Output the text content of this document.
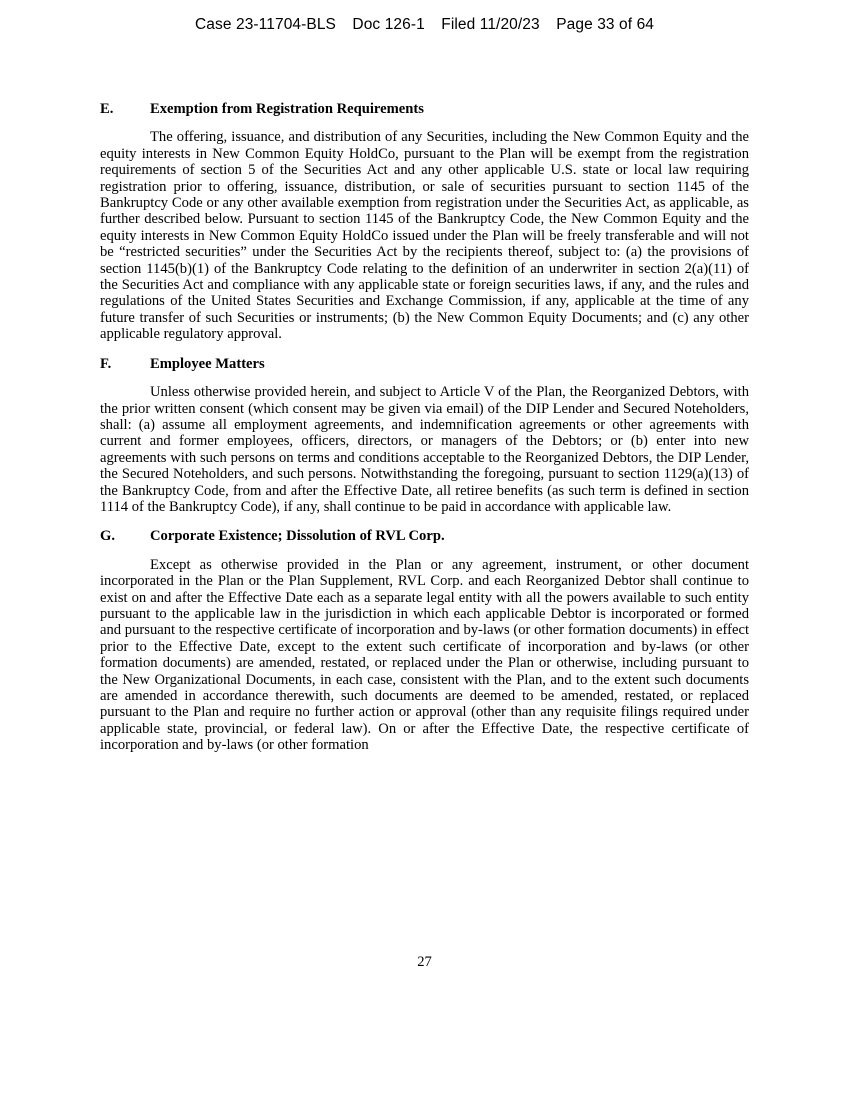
Case 23-11704-BLS Doc 126-1 Filed 11/20/23 Page 33 of 64
E.	Exemption from Registration Requirements

The offering, issuance, and distribution of any Securities, including the New Common Equity and the equity interests in New Common Equity HoldCo, pursuant to the Plan will be exempt from the registration requirements of section 5 of the Securities Act and any other applicable U.S. state or local law requiring registration prior to offering, issuance, distribution, or sale of securities pursuant to section 1145 of the Bankruptcy Code or any other available exemption from registration under the Securities Act, as applicable, as further described below. Pursuant to section 1145 of the Bankruptcy Code, the New Common Equity and the equity interests in New Common Equity HoldCo issued under the Plan will be freely transferable and will not be “restricted securities” under the Securities Act by the recipients thereof, subject to: (a) the provisions of section 1145(b)(1) of the Bankruptcy Code relating to the definition of an underwriter in section 2(a)(11) of the Securities Act and compliance with any applicable state or foreign securities laws, if any, and the rules and regulations of the United States Securities and Exchange Commission, if any, applicable at the time of any future transfer of such Securities or instruments; (b) the New Common Equity Documents; and (c) any other applicable regulatory approval.

F.	Employee Matters

Unless otherwise provided herein, and subject to Article V of the Plan, the Reorganized Debtors, with the prior written consent (which consent may be given via email) of the DIP Lender and Secured Noteholders, shall: (a) assume all employment agreements, and indemnification agreements or other agreements with current and former employees, officers, directors, or managers of the Debtors; or (b) enter into new agreements with such persons on terms and conditions acceptable to the Reorganized Debtors, the DIP Lender, the Secured Noteholders, and such persons. Notwithstanding the foregoing, pursuant to section 1129(a)(13) of the Bankruptcy Code, from and after the Effective Date, all retiree benefits (as such term is defined in section 1114 of the Bankruptcy Code), if any, shall continue to be paid in accordance with applicable law.

G.	Corporate Existence; Dissolution of RVL Corp.

Except as otherwise provided in the Plan or any agreement, instrument, or other document incorporated in the Plan or the Plan Supplement, RVL Corp. and each Reorganized Debtor shall continue to exist on and after the Effective Date each as a separate legal entity with all the powers available to such entity pursuant to the applicable law in the jurisdiction in which each applicable Debtor is incorporated or formed and pursuant to the respective certificate of incorporation and by-laws (or other formation documents) in effect prior to the Effective Date, except to the extent such certificate of incorporation and by-laws (or other formation documents) are amended, restated, or replaced under the Plan or otherwise, including pursuant to the New Organizational Documents, in each case, consistent with the Plan, and to the extent such documents are amended in accordance therewith, such documents are deemed to be amended, restated, or replaced pursuant to the Plan and require no further action or approval (other than any requisite filings required under applicable state, provincial, or federal law). On or after the Effective Date, the respective certificate of incorporation and by-laws (or other formation

27
